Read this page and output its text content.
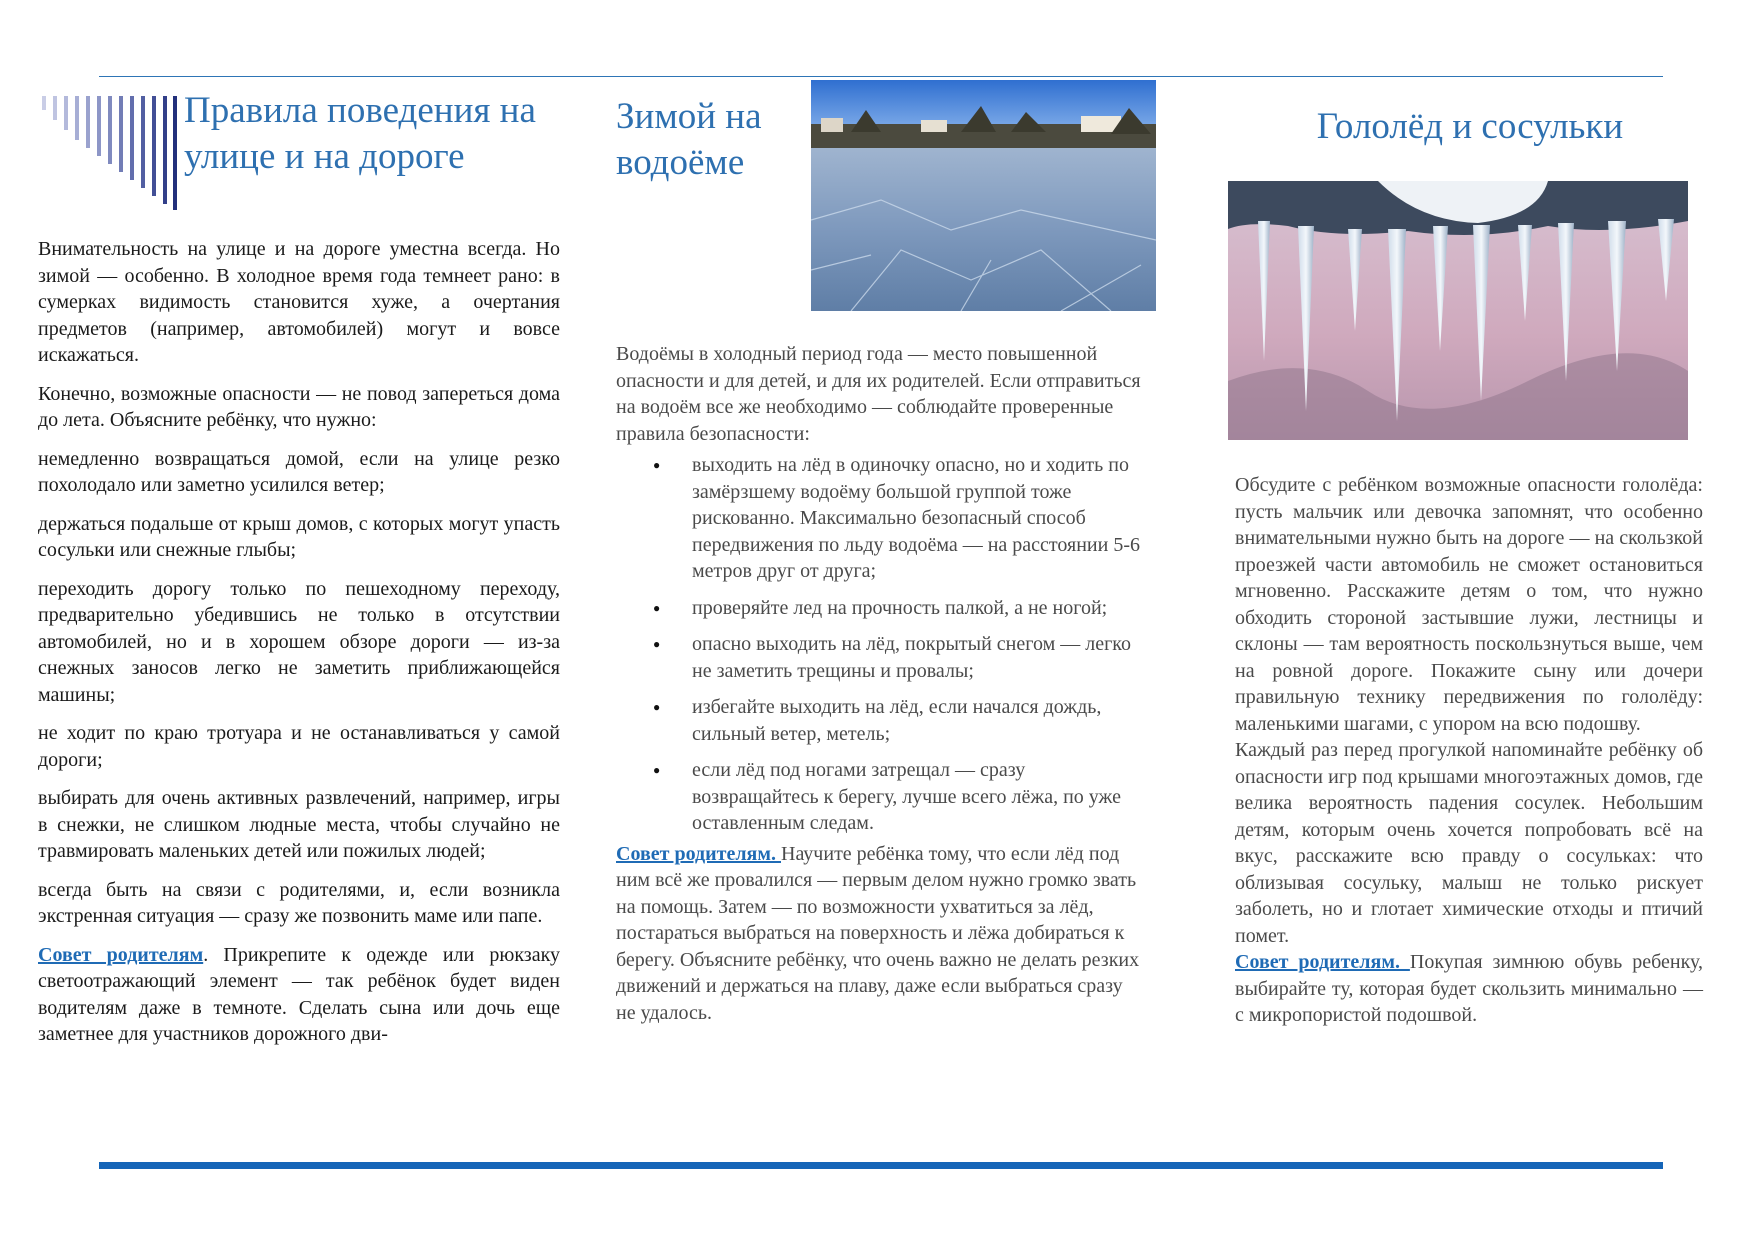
Правила поведения на улице и на дороге

Внимательность на улице и на дороге уместна всегда. Но зимой — особенно. В холодное время года темнеет рано: в сумерках видимость становится хуже, а очертания предметов (например, автомобилей) могут и вовсе искажаться.

Конечно, возможные опасности — не повод запереться дома до лета. Объясните ребёнку, что нужно:

немедленно возвращаться домой, если на улице резко похолодало или заметно усилился ветер;

держаться подальше от крыш домов, с которых могут упасть сосульки или снежные глыбы;

переходить дорогу только по пешеходному переходу, предварительно убедившись не только в отсутствии автомобилей, но и в хорошем обзоре дороги — из-за снежных заносов легко не заметить приближающейся машины;

не ходит по краю тротуара и не останавливаться у самой дороги;

выбирать для очень активных развлечений, например, игры в снежки, не слишком людные места, чтобы случайно не травмировать маленьких детей или пожилых людей;

всегда быть на связи с родителями, и, если возникла экстренная ситуация — сразу же позвонить маме или папе.

Совет родителям. Прикрепите к одежде или рюкзаку светоотражающий элемент — так ребёнок будет виден водителям даже в темноте. Сделать сына или дочь еще заметнее для участников дорожного дви-

Зимой на водоёме

Водоёмы в холодный период года — место повышенной опасности и для детей, и для их родителей. Если отправиться на водоём все же необходимо — соблюдайте проверенные правила безопасности:

● выходить на лёд в одиночку опасно, но и ходить по замёрзшему водоёму большой группой тоже рискованно. Максимально безопасный способ передвижения по льду водоёма — на расстоянии 5-6 метров друг от друга;
● проверяйте лед на прочность палкой, а не ногой;
● опасно выходить на лёд, покрытый снегом — легко не заметить трещины и провалы;
● избегайте выходить на лёд, если начался дождь, сильный ветер, метель;
● если лёд под ногами затрещал — сразу возвращайтесь к берегу, лучше всего лёжа, по уже оставленным следам.

Совет родителям. Научите ребёнка тому, что если лёд под ним всё же провалился — первым делом нужно громко звать на помощь. Затем — по возможности ухватиться за лёд, постараться выбраться на поверхность и лёжа добираться к берегу. Объясните ребёнку, что очень важно не делать резких движений и держаться на плаву, даже если выбраться сразу не удалось.

Гололёд и сосульки

Обсудите с ребёнком возможные опасности гололёда: пусть мальчик или девочка запомнят, что особенно внимательными нужно быть на дороге — на скользкой проезжей части автомобиль не сможет остановиться мгновенно. Расскажите детям о том, что нужно обходить стороной застывшие лужи, лестницы и склоны — там вероятность поскользнуться выше, чем на ровной дороге. Покажите сыну или дочери правильную технику передвижения по гололёду: маленькими шагами, с упором на всю подошву.

Каждый раз перед прогулкой напоминайте ребёнку об опасности игр под крышами многоэтажных домов, где велика вероятность падения сосулек. Небольшим детям, которым очень хочется попробовать всё на вкус, расскажите всю правду о сосульках: что облизывая сосульку, малыш не только рискует заболеть, но и глотает химические отходы и птичий помет.

Совет родителям. Покупая зимнюю обувь ребенку, выбирайте ту, которая будет скользить минимально — с микропористой подошвой.
